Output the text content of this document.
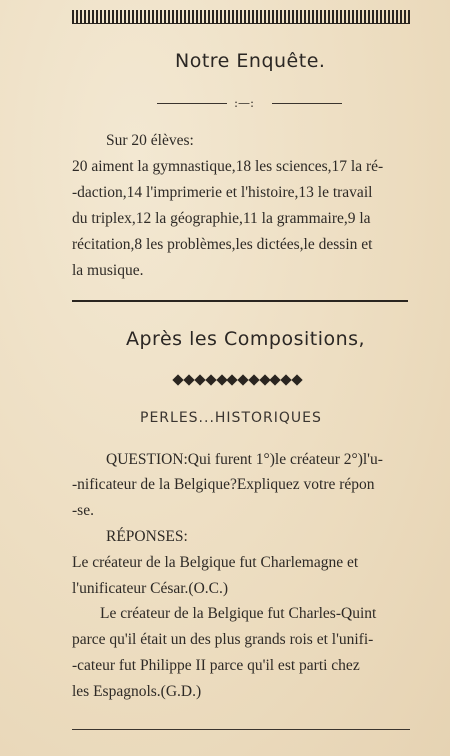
Notre Enquête.
:—:
Sur 20 élèves:
20 aiment la gymnastique,18 les sciences,17 la ré-
-daction,14 l'imprimerie et l'histoire,13 le travail
du triplex,12 la géographie,11 la grammaire,9 la
récitation,8 les problèmes,les dictées,le dessin et
la musique.
Après les Compositions,
PERLES...HISTORIQUES
QUESTION:Qui furent 1°)le créateur 2°)l'u-
-nificateur de la Belgique?Expliquez votre répon
-se.
RÉPONSES:
Le créateur de la Belgique fut Charlemagne et
l'unificateur César.(O.C.)
Le créateur de la Belgique fut Charles-Quint
parce qu'il était un des plus grands rois et l'unifi-
-cateur fut Philippe II parce qu'il est parti chez
les Espagnols.(G.D.)
